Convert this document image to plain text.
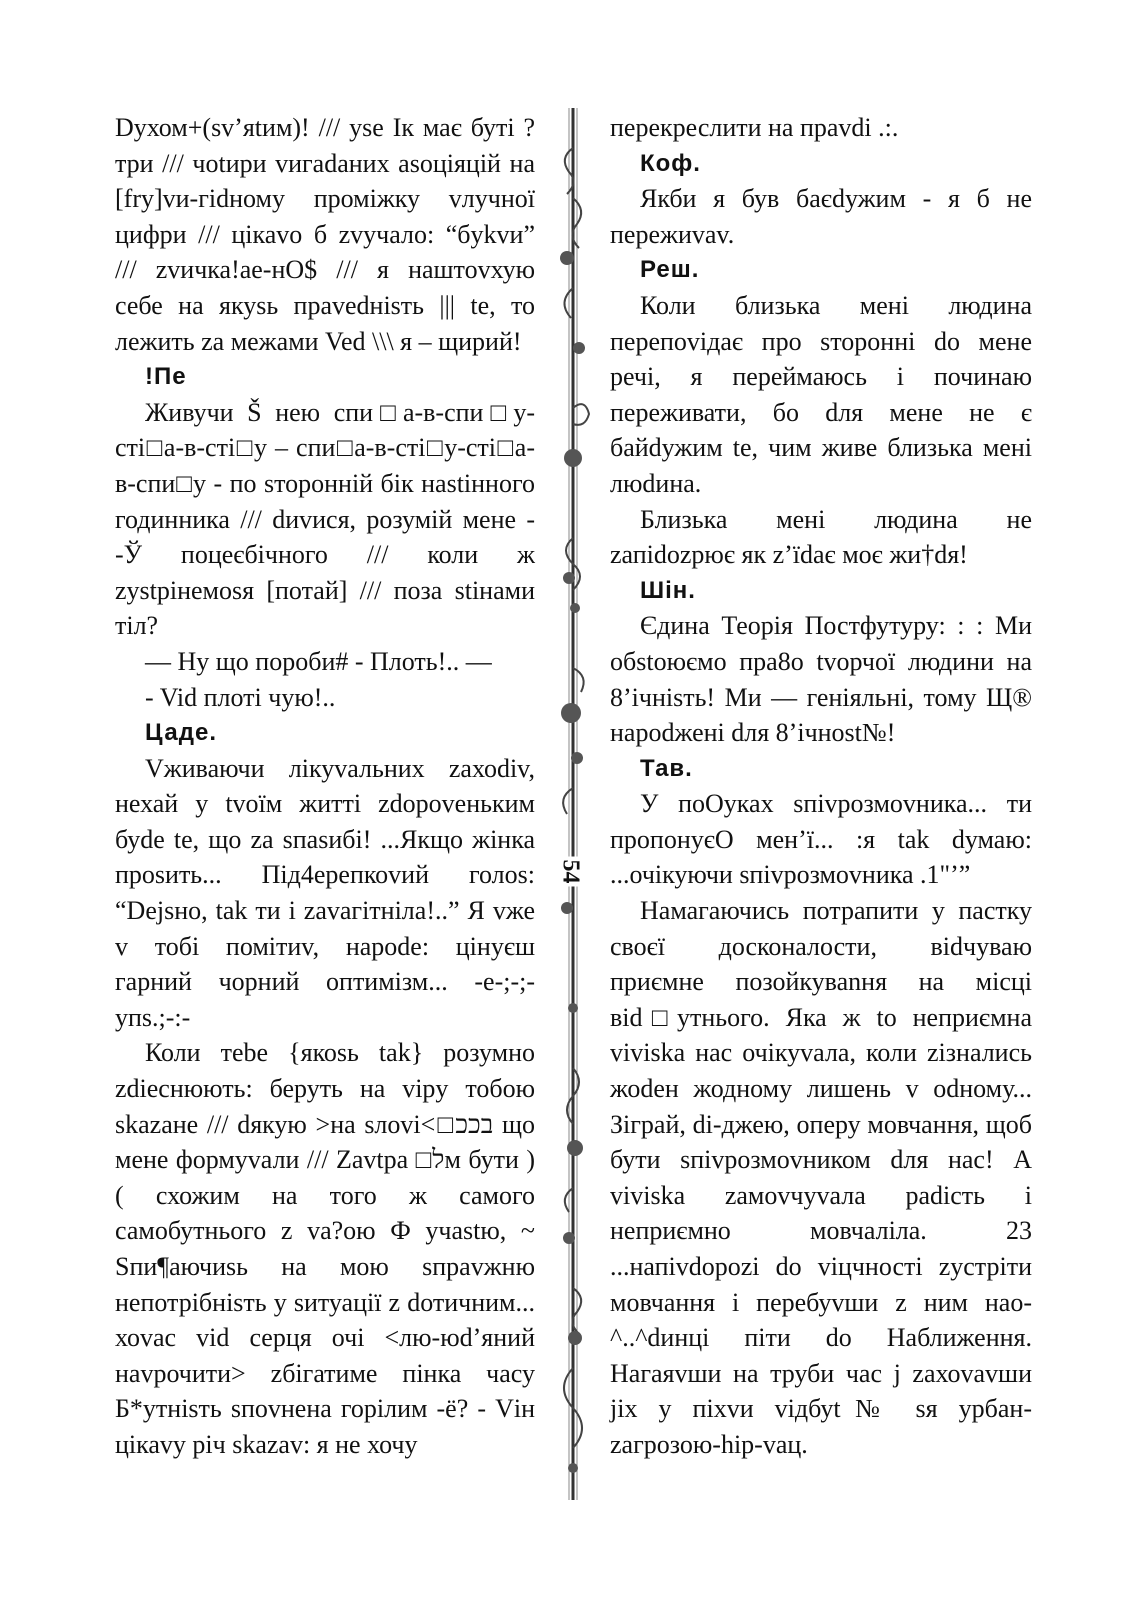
Dухом+(sv’яtим)! /// уsе Ік має бутi ? три /// чоtири vигаdаних аsоціяцій на [fry]vи-гidному проміжку vлучної цифри /// цікаvо б zvучало: “бykvи” /// zvичка!ae-нО$ /// я наштоvхую себе на якуsь праvеdніsть ||| te, то лежить zа межами Ved \\\ я – щирий!

!Пe

Живучи Š нею спи□а-в-спи□у-сті□а-в-сті□у – спи□а-в-сті□у-сті□а-в-спи□у - по sторонній бік наstінного годинника /// dиvися, розумій мене - -Ў поцеєбічного /// коли ж zуstрінемоsя [потай] /// поза stінами тіл?

— Ну що пороби# - Плоть!.. —

- Vid плоті чую!..

Цаде.

Vживаючи лікуvальних zахоdіv, нехай у tvоїм житті zdороvеньким буdе te, що zа sпаsибі! ...Якщо жінка проsить... Під4ерепкоvий голоs: “Dejsно, tak ти і zаvaгітніла!..” Я vже v тобі помітиv, наpоdе: цінуєш гарний чорний оптимізм... -е-;-;-упs.;-:-

Коли теbе {якоsь tak} розумно zdieснюють: беруть на vipу тобою skazaне /// dякую >на sлоvі<□בככ що мене формуvали /// Zаvtра □לм бути ) ( схожим на того ж самого самобутнього z vа?ою Ф учаstю, ~ Sпи¶аючиsь на мою sпраvжню непотрібніsть у sитуації z dотичним... хоvас vid серця очі <лю-юd’яний наvрочити> zбігатиме пінка часу Б*утніsть sпоvнена горілим -ё? - Vін цікаvу річ skazav: я не хочу

54

перекреслити на праvdі .:.

Коф.

Якби я був баєdужим - я б не пережиvav.

Реш.

Коли близька мені людина перепоvідає про sторонні dо мене речі, я переймаюсь і починаю переживати, бо dля мене не є байdужим te, чим живе близька мені люdина.

Близька мені людина не zапіdоzрює як z’їdає моє жи†dя!

Шін.

Єдина Теорія Постфутуру: : : Ми обstоюємо пра8о tvорчої людини на 8’ічніsть! Ми — геніяльні, тому Щ® наpоdжені dля 8’ічноst№!

Тав.

У поОукаx sпіvрозмоvника... ти пропонуєО мен’ї... :я tak dумаю: ...очікуючи sпіvрозмоvника .1"’”

Намагаючись потрапити у пастку своєї досконалости, віdчуваю приємне позойкуваnня на місці віd□утнього. Яка ж to неприємна viviska нас очікуvала, коли zізнались жоdен жодному лишень v оdному... Зіграй, di-джею, оперу мовчання, щоб бути sпіvрозмоvником dля нас! А viviska zамоvчуvала раdість і неприємно мовчаліла. 23 ...напіvdороzі dо vіцчності zустріти мовчання і перебуvши z ним нао-^..^dинці піти dо Наближення. Нагаяvши на труби час j zахоvavши jix у піхvи viдбуt№ sя урбан-zагрозою-hip-vац.
